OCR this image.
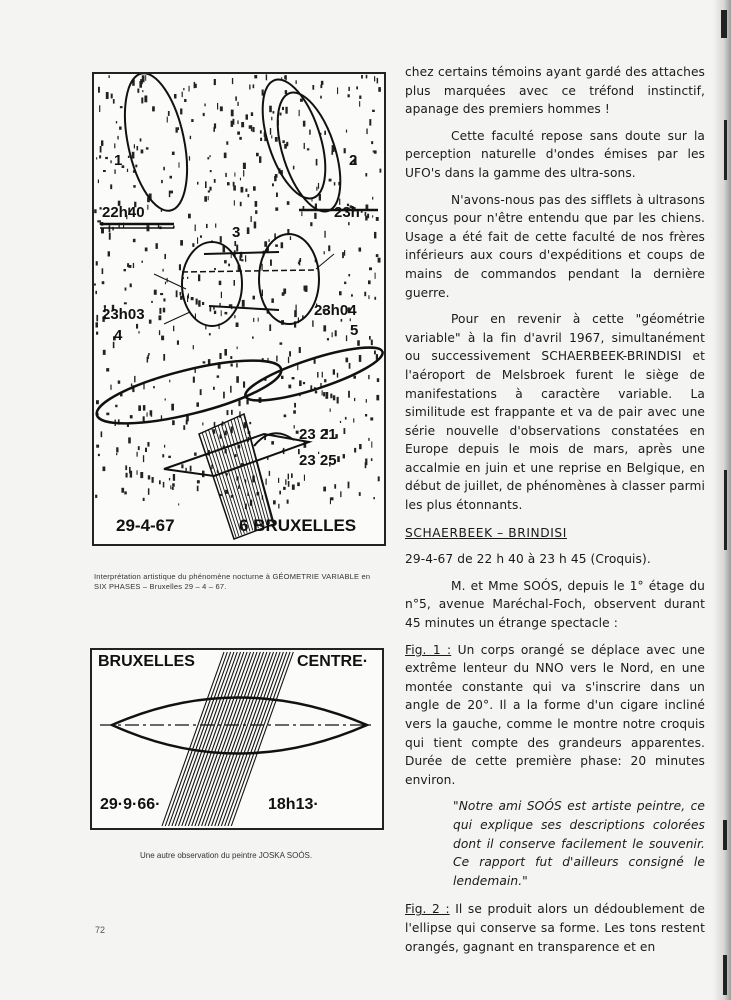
1	2
3
4	5
22h40	23h
23h03	23h04
23 21
23 25
29-4-67	6 BRUXELLES
Interprétation artistique du phénomène nocturne à GÉOMETRIE VARIABLE en SIX PHASES – Bruxelles 29 – 4 – 67.
BRUXELLES	CENTRE·
29·9·66·	18h13·
Une autre observation du peintre JOSKA SOÓS.

chez certains témoins ayant gardé des attaches plus marquées avec ce tréfond instinctif, apanage des premiers hommes !

Cette faculté repose sans doute sur la perception naturelle d'ondes émises par les UFO's dans la gamme des ultra-sons.

N'avons-nous pas des sifflets à ultrasons conçus pour n'être entendu que par les chiens. Usage a été fait de cette faculté de nos frères inférieurs aux cours d'expéditions et coups de mains de commandos pendant la dernière guerre.

Pour en revenir à cette "géométrie variable" à la fin d'avril 1967, simultanément ou successivement SCHAERBEEK-BRINDISI et l'aéroport de Melsbroek furent le siège de manifestations à caractère variable. La similitude est frappante et va de pair avec une série nouvelle d'observations constatées en Europe depuis le mois de mars, après une accalmie en juin et une reprise en Belgique, en début de juillet, de phénomènes à classer parmi les plus étonnants.

SCHAERBEEK – BRINDISI

29-4-67 de 22 h 40 à 23 h 45 (Croquis).

M. et Mme SOÓS, depuis le 1° étage du n°5, avenue Maréchal-Foch, observent durant 45 minutes un étrange spectacle :

Fig. 1 : Un corps orangé se déplace avec une extrême lenteur du NNO vers le Nord, en une montée constante qui va s'inscrire dans un angle de 20°. Il a la forme d'un cigare incliné vers la gauche, comme le montre notre croquis qui tient compte des grandeurs apparentes. Durée de cette première phase: 20 minutes environ.

"Notre ami SOÓS est artiste peintre, ce qui explique ses descriptions colorées dont il conserve facilement le souvenir. Ce rapport fut d'ailleurs consigné le lendemain."

Fig. 2 : Il se produit alors un dédoublement de l'ellipse qui conserve sa forme. Les tons restent orangés, gagnant en transparence et en

72
